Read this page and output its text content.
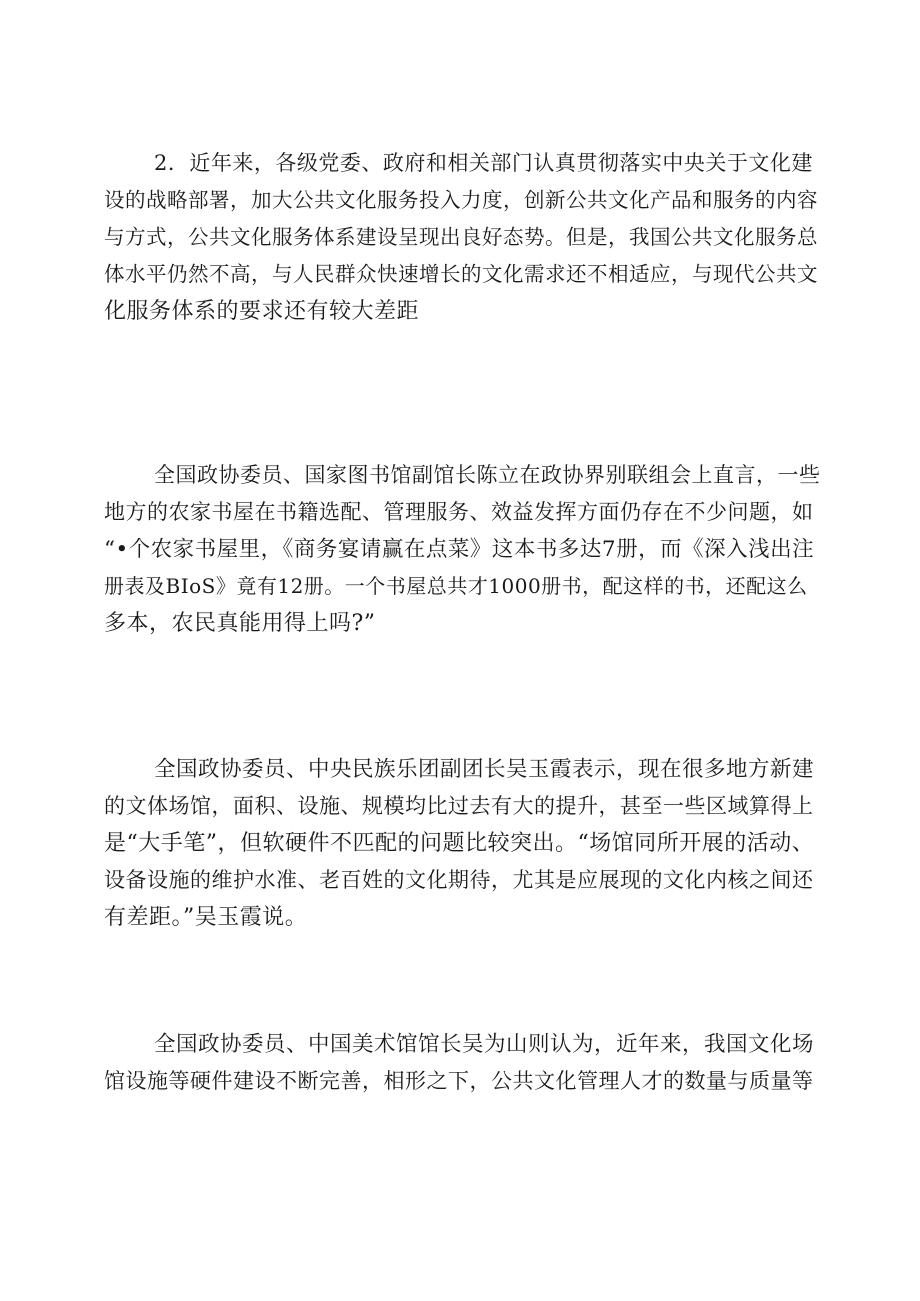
2．近年来，各级党委、政府和相关部门认真贯彻落实中央关于文化建
设的战略部署，加大公共文化服务投入力度，创新公共文化产品和服务的内容
与方式，公共文化服务体系建设呈现出良好态势。但是，我国公共文化服务总
体水平仍然不高，与人民群众快速增长的文化需求还不相适应，与现代公共文
化服务体系的要求还有较大差距
全国政协委员、国家图书馆副馆长陈立在政协界别联组会上直言，一些
地方的农家书屋在书籍选配、管理服务、效益发挥方面仍存在不少问题，如
“•个农家书屋里，《商务宴请赢在点菜》这本书多达7册，而《深入浅出注
册表及BIoS》竟有12册。一个书屋总共才1000册书，配这样的书，还配这么
多本，农民真能用得上吗?”
全国政协委员、中央民族乐团副团长吴玉霞表示，现在很多地方新建
的文体场馆，面积、设施、规模均比过去有大的提升，甚至一些区域算得上
是“大手笔”，但软硬件不匹配的问题比较突出。“场馆同所开展的活动、
设备设施的维护水准、老百姓的文化期待，尤其是应展现的文化内核之间还
有差距。”吴玉霞说。
全国政协委员、中国美术馆馆长吴为山则认为，近年来，我国文化场
馆设施等硬件建设不断完善，相形之下，公共文化管理人才的数量与质量等
